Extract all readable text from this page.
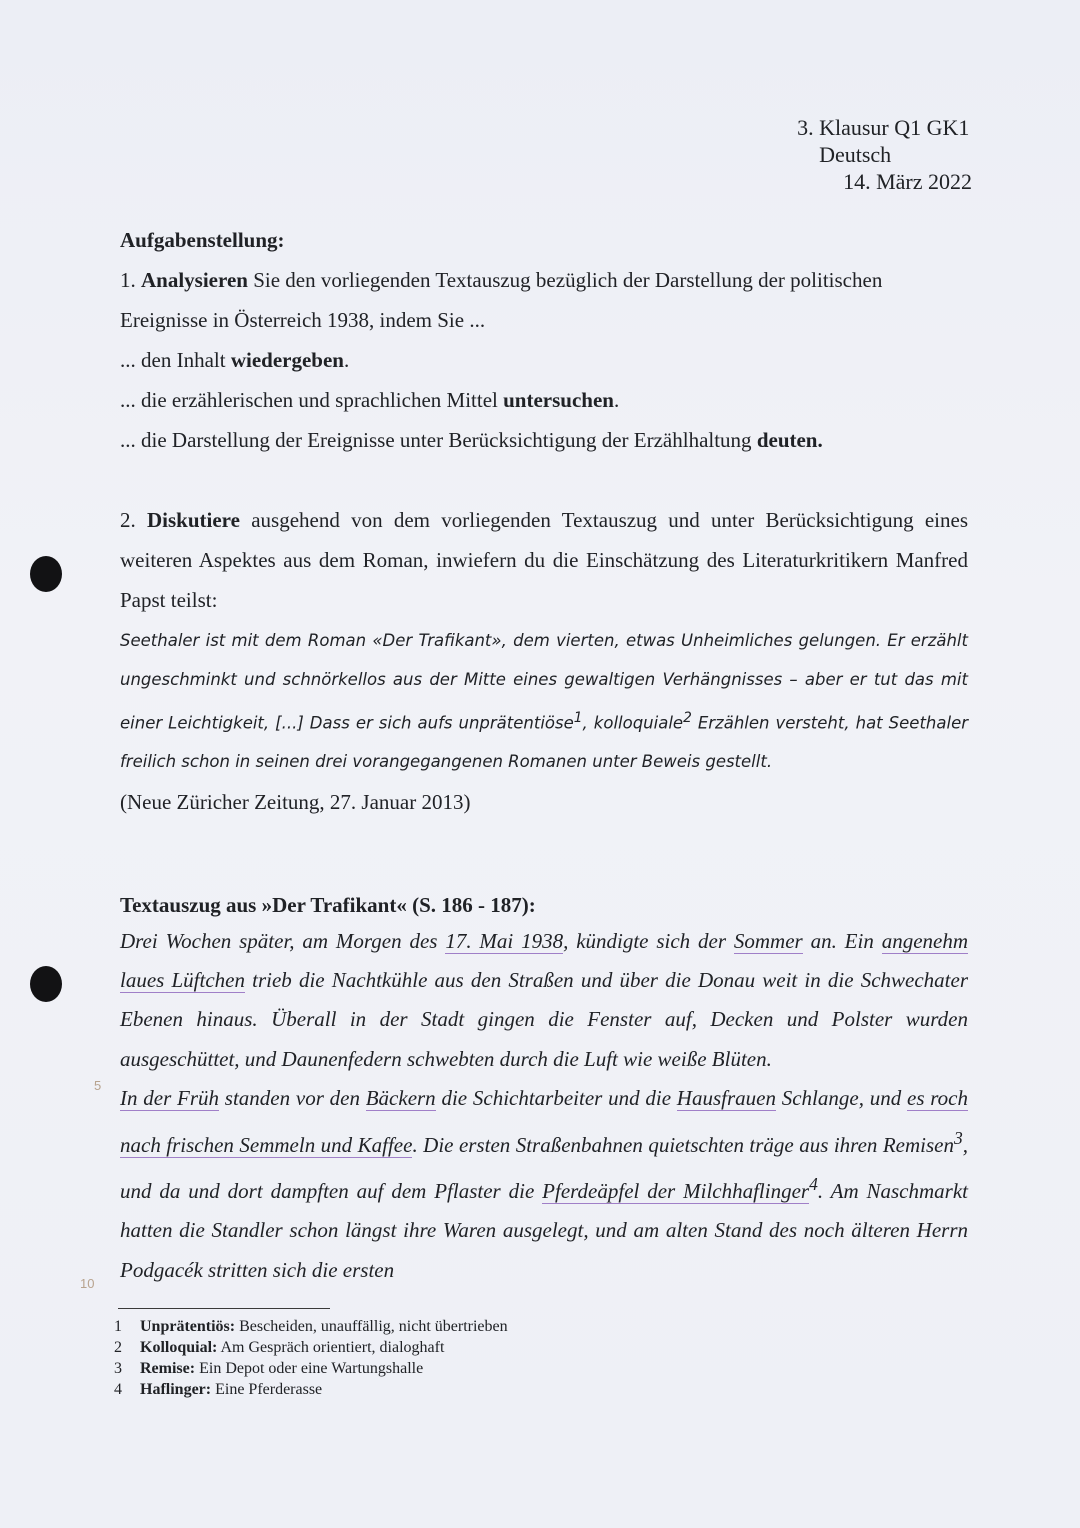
3. Klausur Q1 GK1
Deutsch
14. März 2022
Aufgabenstellung:
1. Analysieren Sie den vorliegenden Textauszug bezüglich der Darstellung der politischen Ereignisse in Österreich 1938, indem Sie ...
... den Inhalt wiedergeben.
... die erzählerischen und sprachlichen Mittel untersuchen.
... die Darstellung der Ereignisse unter Berücksichtigung der Erzählhaltung deuten.
2. Diskutiere ausgehend von dem vorliegenden Textauszug und unter Berücksichtigung eines weiteren Aspektes aus dem Roman, inwiefern du die Einschätzung des Literaturkritikern Manfred Papst teilst:
Seethaler ist mit dem Roman «Der Trafikant», dem vierten, etwas Unheimliches gelungen. Er erzählt ungeschminkt und schnörkellos aus der Mitte eines gewaltigen Verhängnisses – aber er tut das mit einer Leichtigkeit, [...] Dass er sich aufs unprätentiöse$^1$, kolloquiale$^2$ Erzählen versteht, hat Seethaler freilich schon in seinen drei vorangegangenen Romanen unter Beweis gestellt.
(Neue Züricher Zeitung, 27. Januar 2013)
Textauszug aus »Der Trafikant« (S. 186 - 187):
Drei Wochen später, am Morgen des 17. Mai 1938, kündigte sich der Sommer an. Ein angenehm laues Lüftchen trieb die Nachtkühle aus den Straßen und über die Donau weit in die Schwechater Ebenen hinaus. Überall in der Stadt gingen die Fenster auf, Decken und Polster wurden ausgeschüttet, und Daunenfedern schwebten durch die Luft wie weiße Blüten.
In der Früh standen vor den Bäckern die Schichtarbeiter und die Hausfrauen Schlange, und es roch nach frischen Semmeln und Kaffee. Die ersten Straßenbahnen quietschten träge aus ihren Remisen$^3$, und da und dort dampften auf dem Pflaster die Pferdeäpfel der Milchhaflinger$^4$. Am Naschmarkt hatten die Standler schon längst ihre Waren ausgelegt, und am alten Stand des noch älteren Herrn Podgacék stritten sich die ersten
5
10
1 Unprätentiös: Bescheiden, unauffällig, nicht übertrieben
2 Kolloquial: Am Gespräch orientiert, dialoghaft
3 Remise: Ein Depot oder eine Wartungshalle
4 Haflinger: Eine Pferderasse
